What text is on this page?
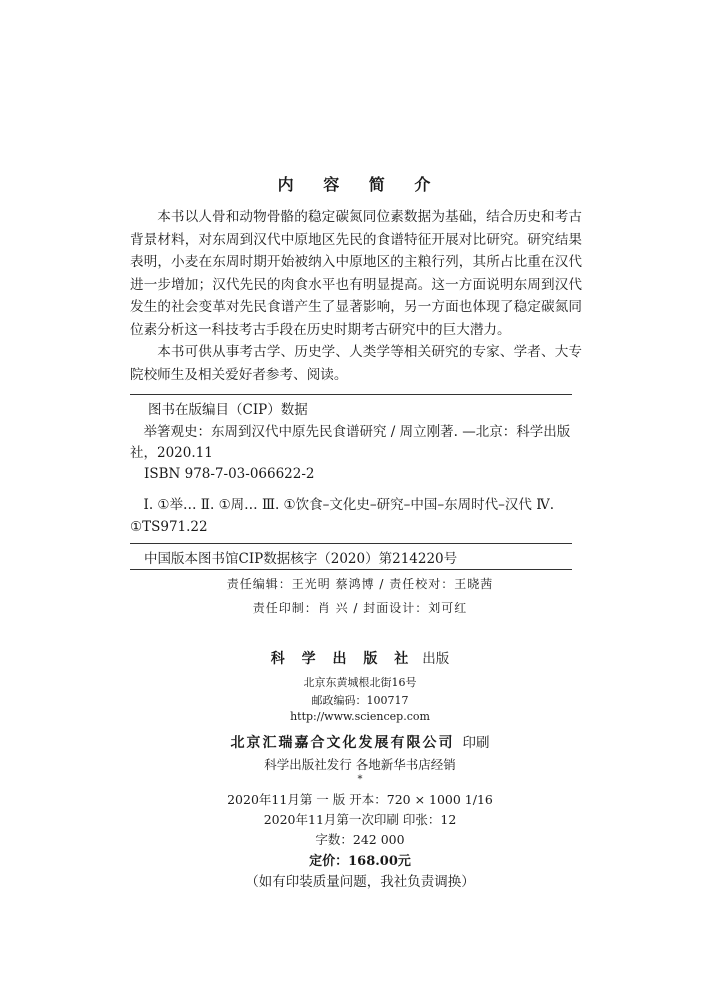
内 容 简 介

本书以人骨和动物骨骼的稳定碳氮同位素数据为基础，结合历史和考古背景材料，对东周到汉代中原地区先民的食谱特征开展对比研究。研究结果表明，小麦在东周时期开始被纳入中原地区的主粮行列，其所占比重在汉代进一步增加；汉代先民的肉食水平也有明显提高。这一方面说明东周到汉代发生的社会变革对先民食谱产生了显著影响，另一方面也体现了稳定碳氮同位素分析这一科技考古手段在历史时期考古研究中的巨大潜力。

本书可供从事考古学、历史学、人类学等相关研究的专家、学者、大专院校师生及相关爱好者参考、阅读。

图书在版编目（CIP）数据

举箸观史：东周到汉代中原先民食谱研究 / 周立刚著. —北京：科学出版社，2020.11

ISBN 978-7-03-066622-2

Ⅰ. ①举… Ⅱ. ①周… Ⅲ. ①饮食–文化史–研究–中国–东周时代–汉代 Ⅳ. ①TS971.22

中国版本图书馆CIP数据核字（2020）第214220号
责任编辑：王光明 蔡鸿博 / 责任校对：王晓茜
责任印制：肖 兴 / 封面设计：刘可红
科 学 出 版 社 出版
北京东黄城根北街16号
邮政编码：100717
http://www.sciencep.com
北京汇瑞嘉合文化发展有限公司 印刷
科学出版社发行 各地新华书店经销
*
2020年11月第 一 版 开本：720 × 1000 1/16
2020年11月第一次印刷 印张：12
字数：242 000
定价：168.00元
（如有印装质量问题，我社负责调换）
